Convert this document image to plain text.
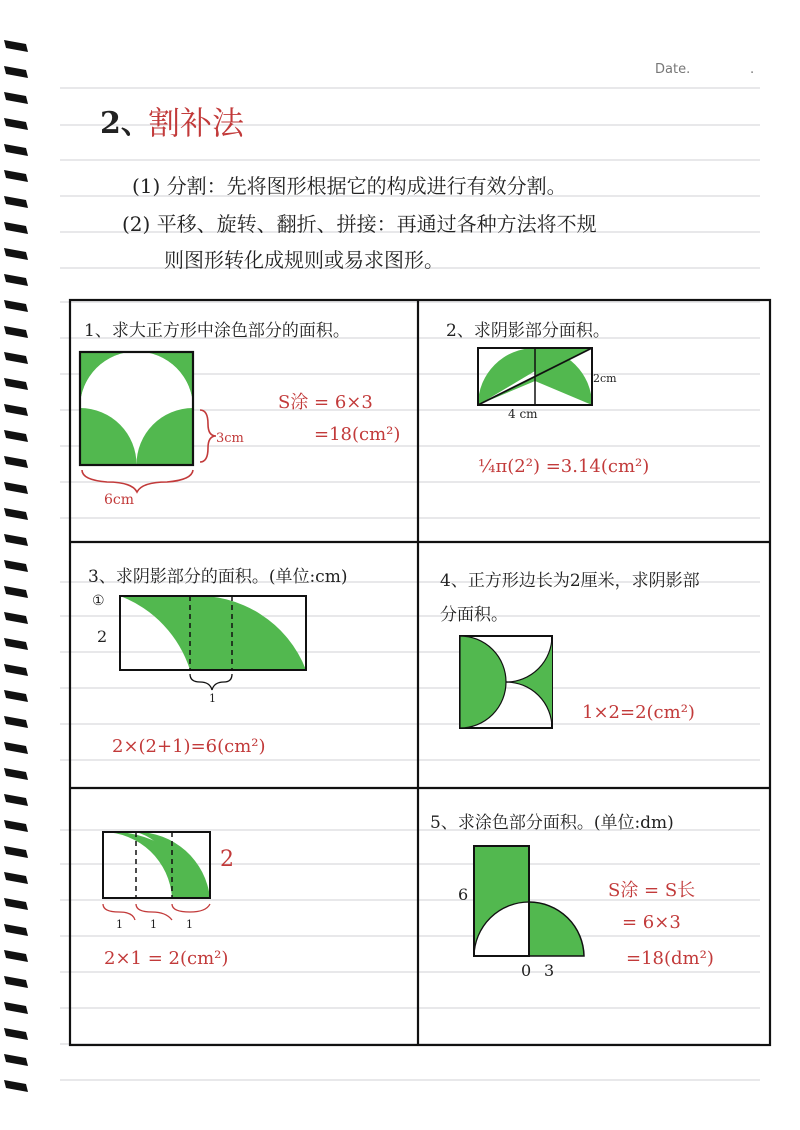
Date.	.
2、
割补法
(1) 分割：先将图形根据它的构成进行有效分割。
(2) 平移、旋转、翻折、拼接：再通过各种方法将不规
则图形转化成规则或易求图形。
3cm
6cm
2cm
4 cm
①
2
1
2
1 1	1
6
0 3
1、求大正方形中涂色部分的面积。
S涂 = 6×3
=18(cm²)
2、求阴影部分面积。
¼π(2²) =3.14(cm²)
3、求阴影部分的面积。(单位:cm)
2×(2+1)=6(cm²)
4、正方形边长为2厘米，求阴影部
分面积。
1×2=2(cm²)
2×1 = 2(cm²)
5、求涂色部分面积。(单位:dm)
S涂 = S长
= 6×3
=18(dm²)
